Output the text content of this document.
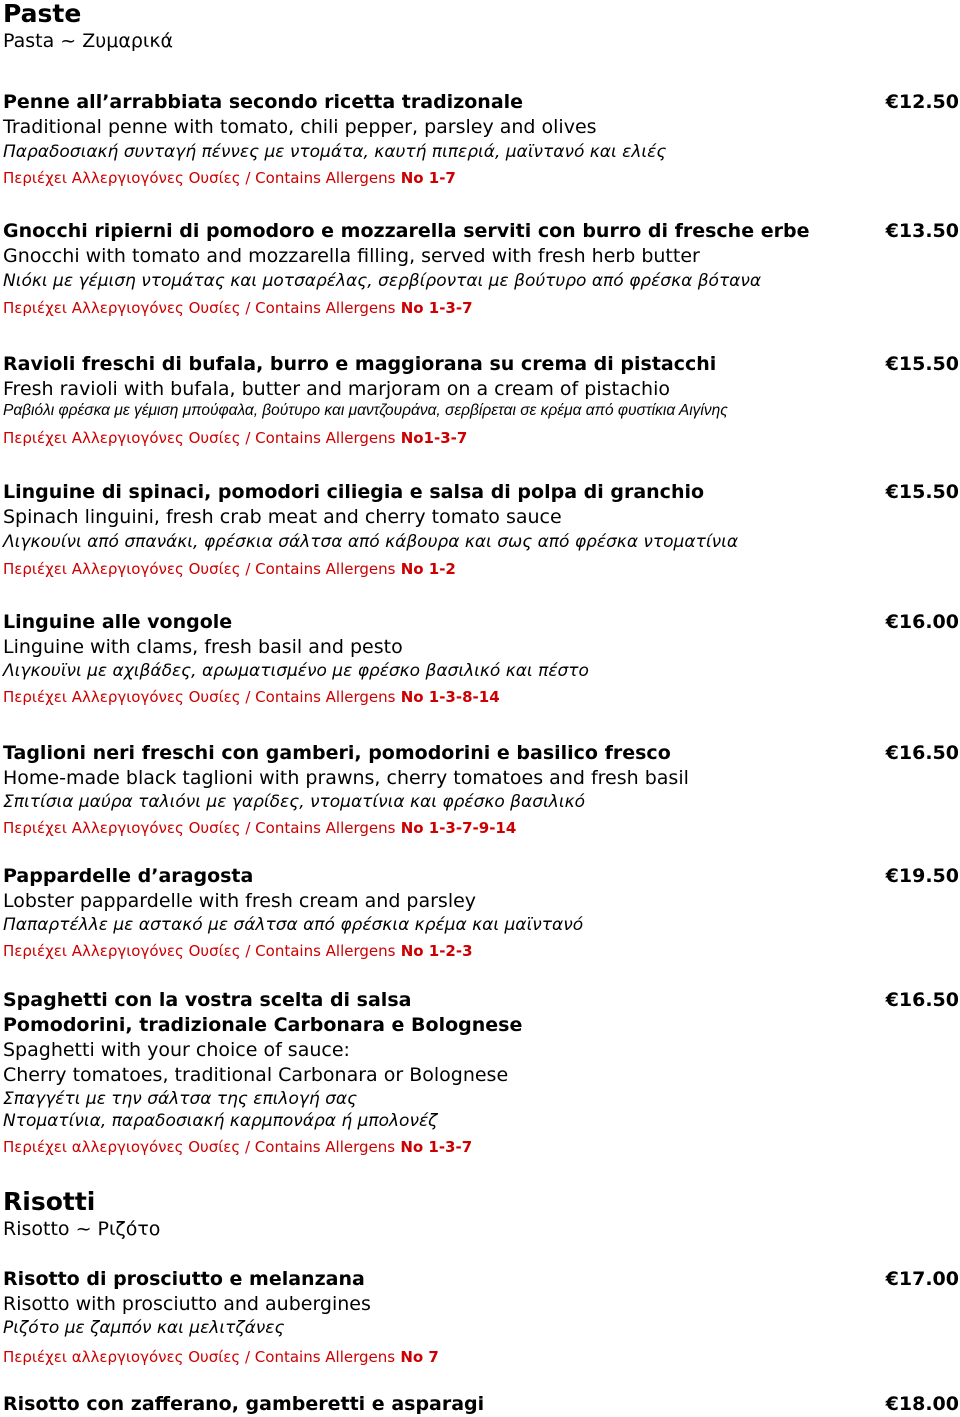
Paste
Pasta ~ Ζυμαρικά
Penne all’arrabbiata secondo ricetta tradizonale	€12.50
Traditional penne with tomato, chili pepper, parsley and olives
Παραδοσιακή συνταγή πέννες με ντομάτα, καυτή πιπεριά, μαϊντανό και ελιές
Περιέχει Αλλεργιογόνες Ουσίες / Contains Allergens No 1-7
Gnocchi ripierni di pomodoro e mozzarella serviti con burro di fresche erbe	€13.50
Gnocchi with tomato and mozzarella filling, served with fresh herb butter
Νιόκι με γέμιση ντομάτας και μοτσαρέλας, σερβίρονται με βούτυρο από φρέσκα βότανα
Περιέχει Αλλεργιογόνες Ουσίες / Contains Allergens No 1-3-7
Ravioli freschi di bufala, burro e maggiorana su crema di pistacchi	€15.50
Fresh ravioli with bufala, butter and marjoram on a cream of pistachio
Ραβιόλι φρέσκα με γέμιση μπούφαλα, βούτυρο και μαντζουράνα, σερβίρεται σε κρέμα από φυστίκια Αιγίνης
Περιέχει Αλλεργιογόνες Ουσίες / Contains Allergens No1-3-7
Linguine di spinaci, pomodori ciliegia e salsa di polpa di granchio	€15.50
Spinach linguini, fresh crab meat and cherry tomato sauce
Λιγκουίνι από σπανάκι, φρέσκια σάλτσα από κάβουρα και σως από φρέσκα ντοματίνια
Περιέχει Αλλεργιογόνες Ουσίες / Contains Allergens No 1-2
Linguine alle vongole	€16.00
Linguine with clams, fresh basil and pesto
Λιγκουϊνι με αχιβάδες, αρωματισμένο με φρέσκο βασιλικό και πέστο
Περιέχει Αλλεργιογόνες Ουσίες / Contains Allergens No 1-3-8-14
Taglioni neri freschi con gamberi, pomodorini e basilico fresco	€16.50
Home-made black taglioni with prawns, cherry tomatoes and fresh basil
Σπιτίσια μαύρα ταλιόνι με γαρίδες, ντοματίνια και φρέσκο βασιλικό
Περιέχει Αλλεργιογόνες Ουσίες / Contains Allergens No 1-3-7-9-14
Pappardelle d’aragosta	€19.50
Lobster pappardelle with fresh cream and parsley
Παπαρτέλλε με αστακό με σάλτσα από φρέσκια κρέμα και μαϊντανό
Περιέχει Αλλεργιογόνες Ουσίες / Contains Allergens No 1-2-3
Spaghetti con la vostra scelta di salsa	€16.50
Pomodorini, tradizionale Carbonara e Bolognese
Spaghetti with your choice of sauce:
Cherry tomatoes, traditional Carbonara or Bolognese
Σπαγγέτι με την σάλτσα της επιλογή σας
Ντοματίνια, παραδοσιακή καρμπονάρα ή μπολονέζ
Περιέχει αλλεργιογόνες Ουσίες / Contains Allergens No 1-3-7
Risotti
Risotto ~ Ριζότο
Risotto di prosciutto e melanzana	€17.00
Risotto with prosciutto and aubergines
Ριζότο με ζαμπόν και μελιτζάνες
Περιέχει αλλεργιογόνες Ουσίες / Contains Allergens No 7
Risotto con zafferano, gamberetti e asparagi	€18.00
